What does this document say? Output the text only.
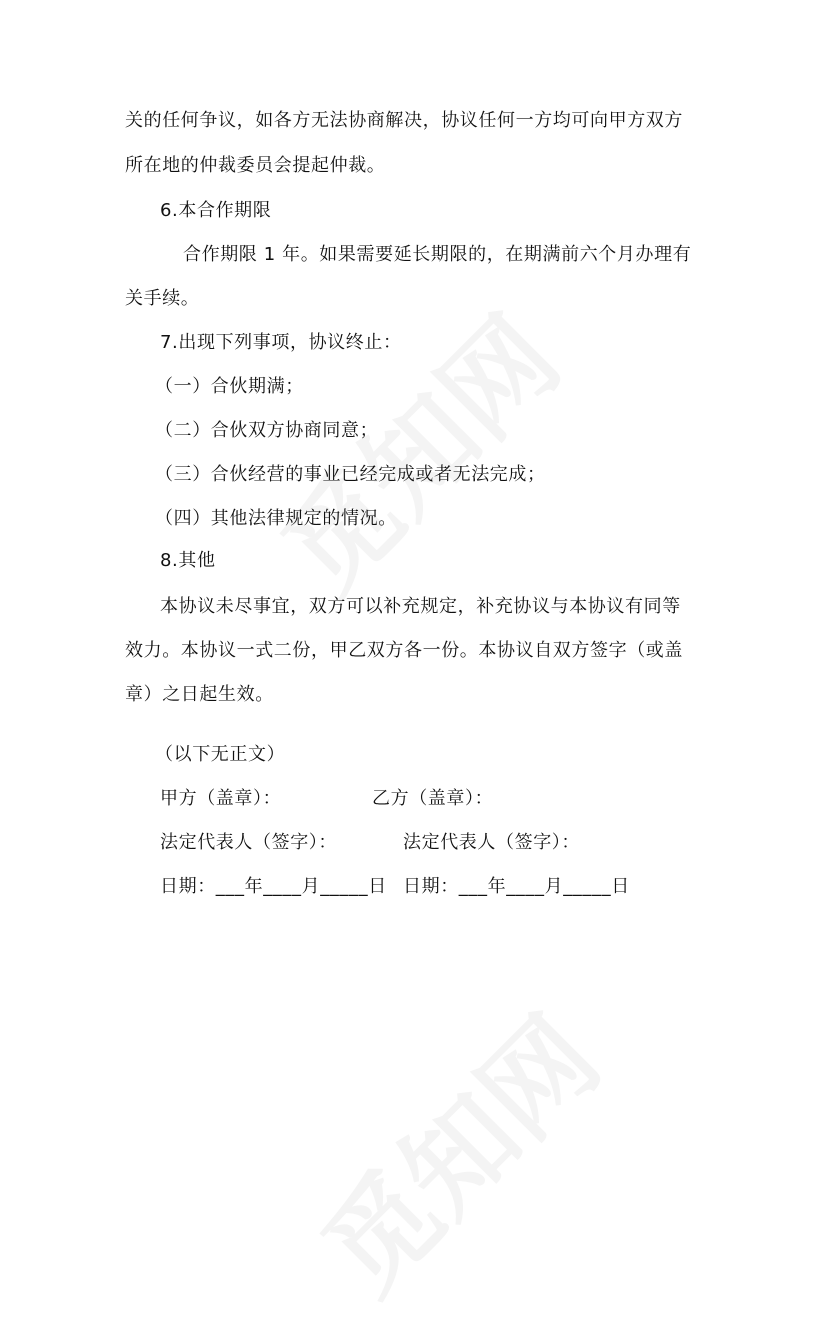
关的任何争议，如各方无法协商解决，协议任何一方均可向甲方双方
所在地的仲裁委员会提起仲裁。
6.本合作期限
合作期限 1 年。如果需要延长期限的，在期满前六个月办理有
关手续。
7.出现下列事项，协议终止：
（一）合伙期满；
（二）合伙双方协商同意；
（三）合伙经营的事业已经完成或者无法完成；
（四）其他法律规定的情况。
8.其他
本协议未尽事宜，双方可以补充规定，补充协议与本协议有同等
效力。本协议一式二份，甲乙双方各一份。本协议自双方签字（或盖
章）之日起生效。
（以下无正文）
甲方（盖章）：	乙方（盖章）：
法定代表人（签字）：	法定代表人（签字）：
日期：___年____月_____日 日期：___年____月_____日
